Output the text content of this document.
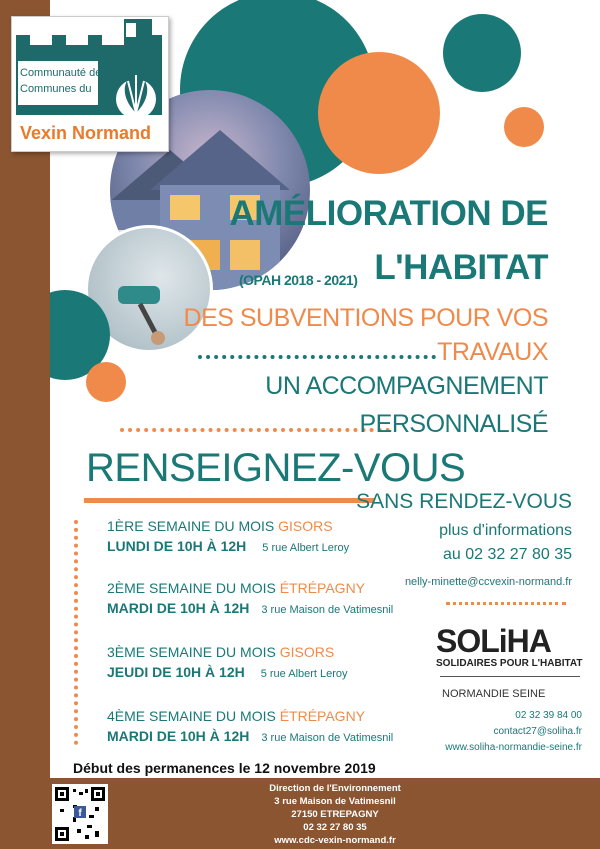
Communauté de
Communes du
Vexin Normand
AMÉLIORATION DE
(OPAH 2018 - 2021) L'HABITAT
DES SUBVENTIONS POUR VOS
TRAVAUX
UN ACCOMPAGNEMENT
PERSONNALISÉ
RENSEIGNEZ-VOUS
1ÈRE SEMAINE DU MOIS GISORS
LUNDI DE 10H À 12H 5 rue Albert Leroy
2ÈME SEMAINE DU MOIS ÉTRÉPAGNY
MARDI DE 10H À 12H 3 rue Maison de Vatimesnil
3ÈME SEMAINE DU MOIS GISORS
JEUDI DE 10H À 12H 5 rue Albert Leroy
4ÈME SEMAINE DU MOIS ÉTRÉPAGNY
MARDI DE 10H À 12H 3 rue Maison de Vatimesnil
SANS RENDEZ-VOUS
plus d'informations
au 02 32 27 80 35
nelly-minette@ccvexin-normand.fr
SOLiHA
SOLIDAIRES POUR L'HABITAT
NORMANDIE SEINE
02 32 39 84 00
contact27@soliha.fr
www.soliha-normandie-seine.fr
Début des permanences le 12 novembre 2019
f
Direction de l'Environnement
3 rue Maison de Vatimesnil
27150 ETREPAGNY
02 32 27 80 35
www.cdc-vexin-normand.fr
